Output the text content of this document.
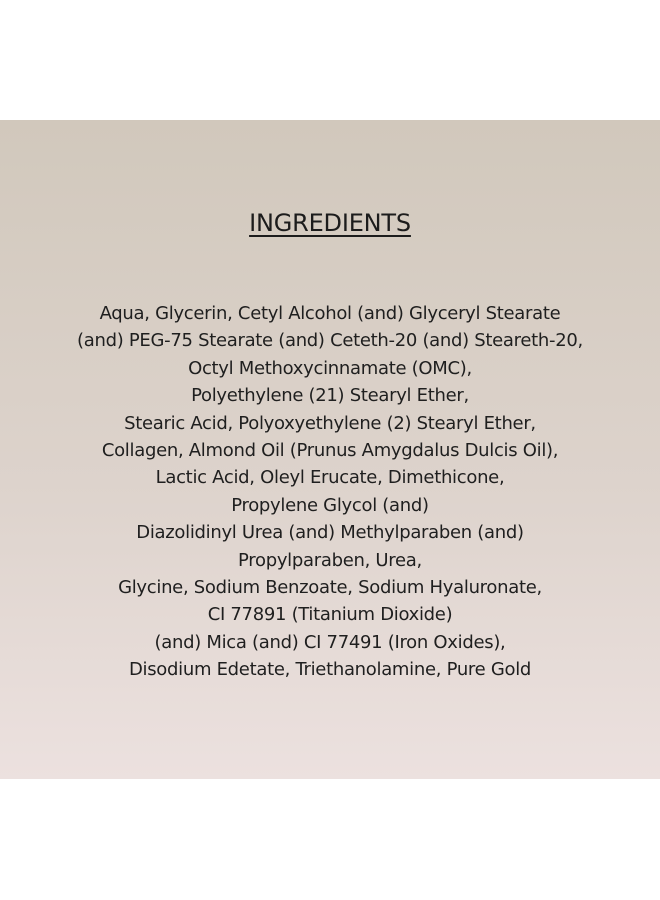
INGREDIENTS
Aqua, Glycerin, Cetyl Alcohol (and) Glyceryl Stearate
(and) PEG-75 Stearate (and) Ceteth-20 (and) Steareth-20,
Octyl Methoxycinnamate (OMC),
Polyethylene (21) Stearyl Ether,
Stearic Acid, Polyoxyethylene (2) Stearyl Ether,
Collagen, Almond Oil (Prunus Amygdalus Dulcis Oil),
Lactic Acid, Oleyl Erucate, Dimethicone,
Propylene Glycol (and)
Diazolidinyl Urea (and) Methylparaben (and)
Propylparaben, Urea,
Glycine, Sodium Benzoate, Sodium Hyaluronate,
CI 77891 (Titanium Dioxide)
(and) Mica (and) CI 77491 (Iron Oxides),
Disodium Edetate, Triethanolamine, Pure Gold
